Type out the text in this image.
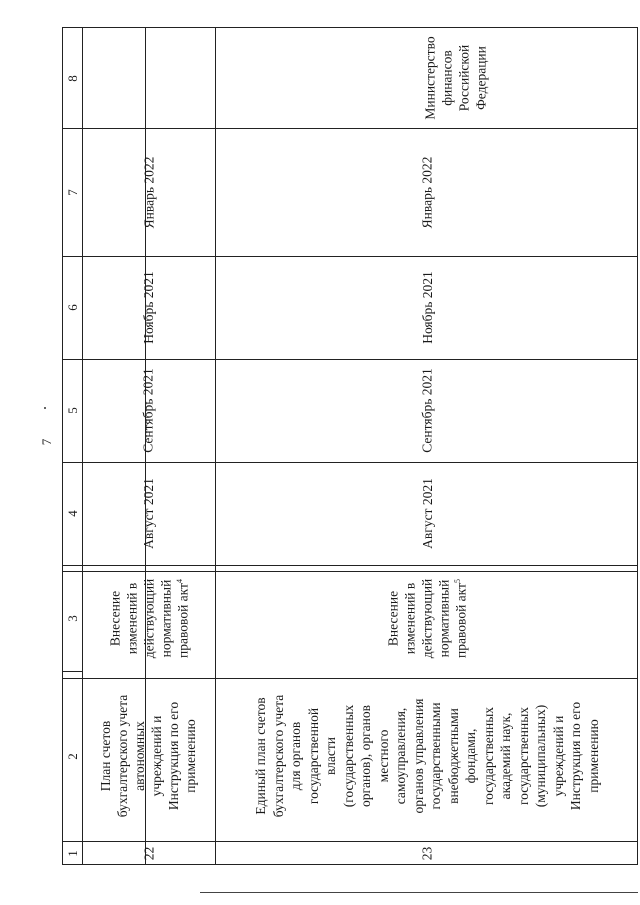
7
8
7
6
5
4
3
2
1	22
План счетов бухгалтерского учета автономных учреждений и Инструкция по его применению
Внесение изменений в действующий нормативный правовой акт$^4$
Август 2021
Сентябрь 2021
Ноябрь 2021
Январь 2022
23
Единый план счетов бухгалтерского учета для органов государственной власти (государственных органов), органов местного самоуправления, органов управления государственными внебюджетными фондами, государственных академий наук, государственных (муниципальных) учреждений и Инструкция по его применению
Внесение изменений в действующий нормативный правовой акт$^5$
Август 2021
Сентябрь 2021
Ноябрь 2021
Январь 2022
Министерство финансов Российской Федерации
